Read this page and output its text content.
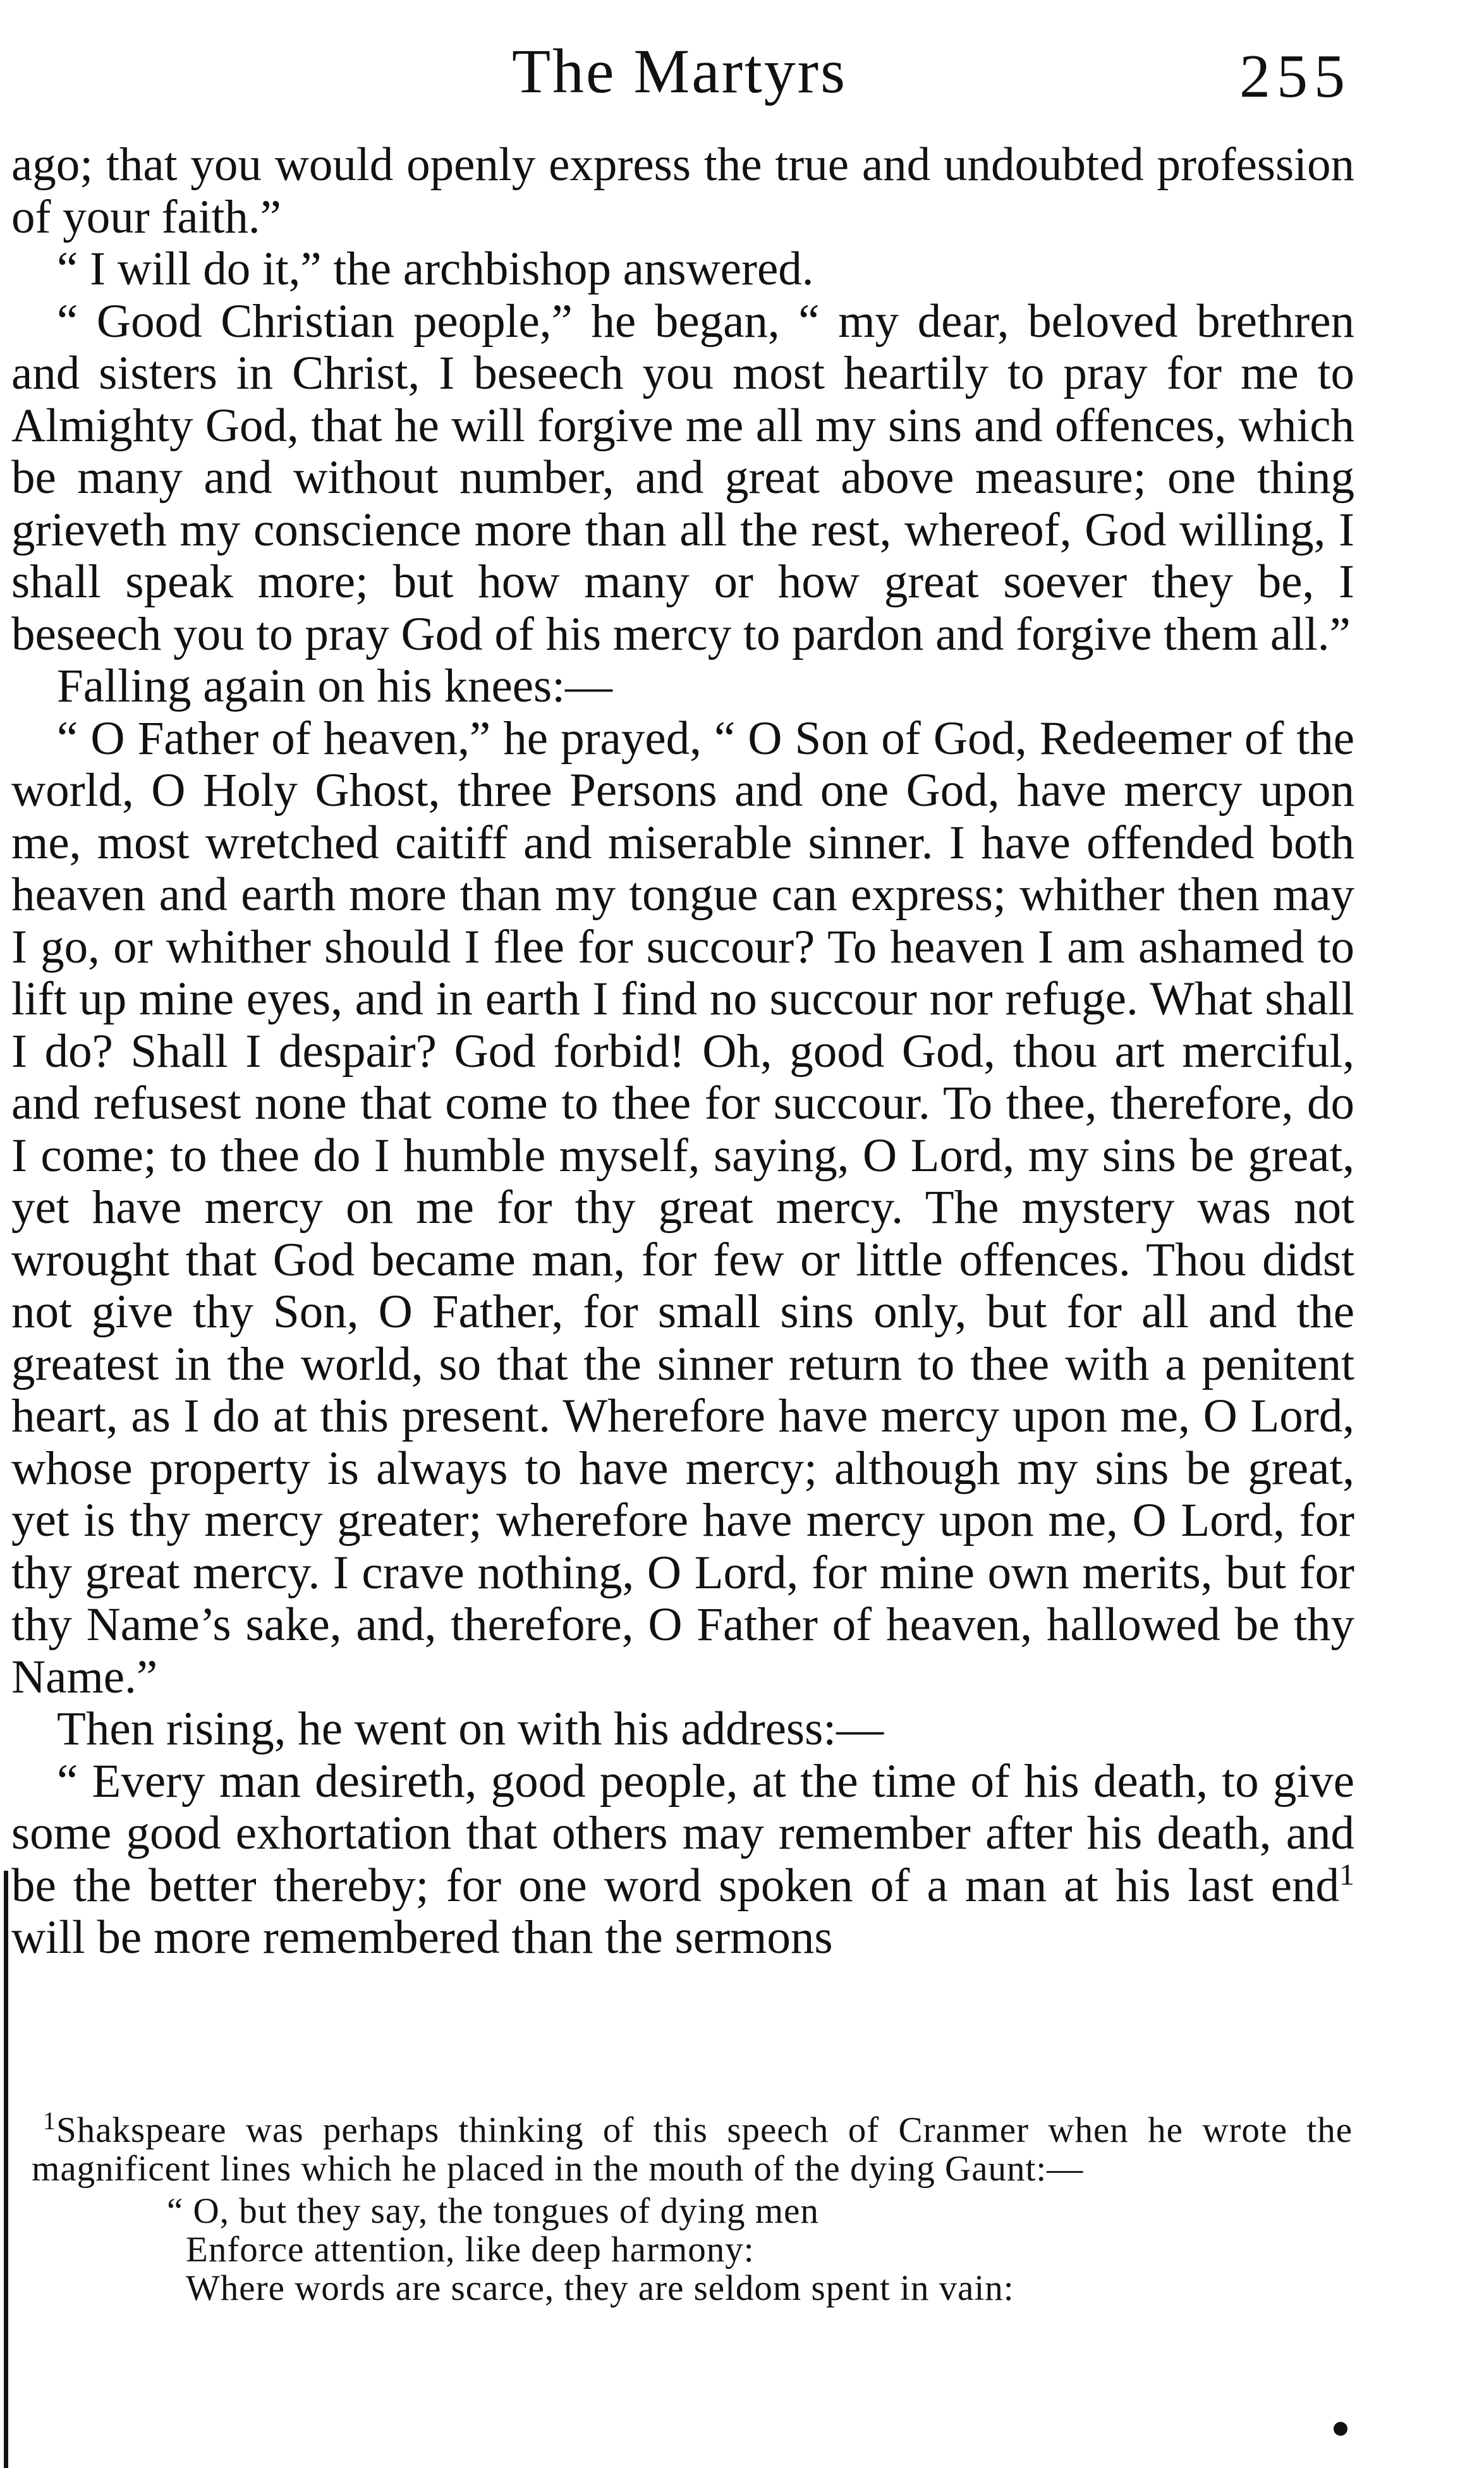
The Martyrs	255

ago; that you would openly express the true and undoubted profession of your faith.”

“ I will do it,” the archbishop answered.

“ Good Christian people,” he began, “ my dear, beloved brethren and sisters in Christ, I beseech you most heartily to pray for me to Almighty God, that he will forgive me all my sins and offences, which be many and without number, and great above measure; one thing grieveth my conscience more than all the rest, whereof, God willing, I shall speak more; but how many or how great soever they be, I beseech you to pray God of his mercy to pardon and forgive them all.”

Falling again on his knees:—

“ O Father of heaven,” he prayed, “ O Son of God, Redeemer of the world, O Holy Ghost, three Persons and one God, have mercy upon me, most wretched caitiff and miserable sinner. I have offended both heaven and earth more than my tongue can express; whither then may I go, or whither should I flee for succour? To heaven I am ashamed to lift up mine eyes, and in earth I find no succour nor refuge. What shall I do? Shall I despair? God forbid! Oh, good God, thou art merciful, and refusest none that come to thee for succour. To thee, therefore, do I come; to thee do I humble myself, saying, O Lord, my sins be great, yet have mercy on me for thy great mercy. The mystery was not wrought that God became man, for few or little offences. Thou didst not give thy Son, O Father, for small sins only, but for all and the greatest in the world, so that the sinner return to thee with a penitent heart, as I do at this present. Wherefore have mercy upon me, O Lord, whose property is always to have mercy; although my sins be great, yet is thy mercy greater; wherefore have mercy upon me, O Lord, for thy great mercy. I crave nothing, O Lord, for mine own merits, but for thy Name’s sake, and, therefore, O Father of heaven, hallowed be thy Name.”

Then rising, he went on with his address:—

“ Every man desireth, good people, at the time of his death, to give some good exhortation that others may remember after his death, and be the better thereby; for one word spoken of a man at his last end$^1$ will be more remembered than the sermons

$^1$Shakspeare was perhaps thinking of this speech of Cranmer when he wrote the magnificent lines which he placed in the mouth of the dying Gaunt:—

“ O, but they say, the tongues of dying men
Enforce attention, like deep harmony:
Where words are scarce, they are seldom spent in vain:
